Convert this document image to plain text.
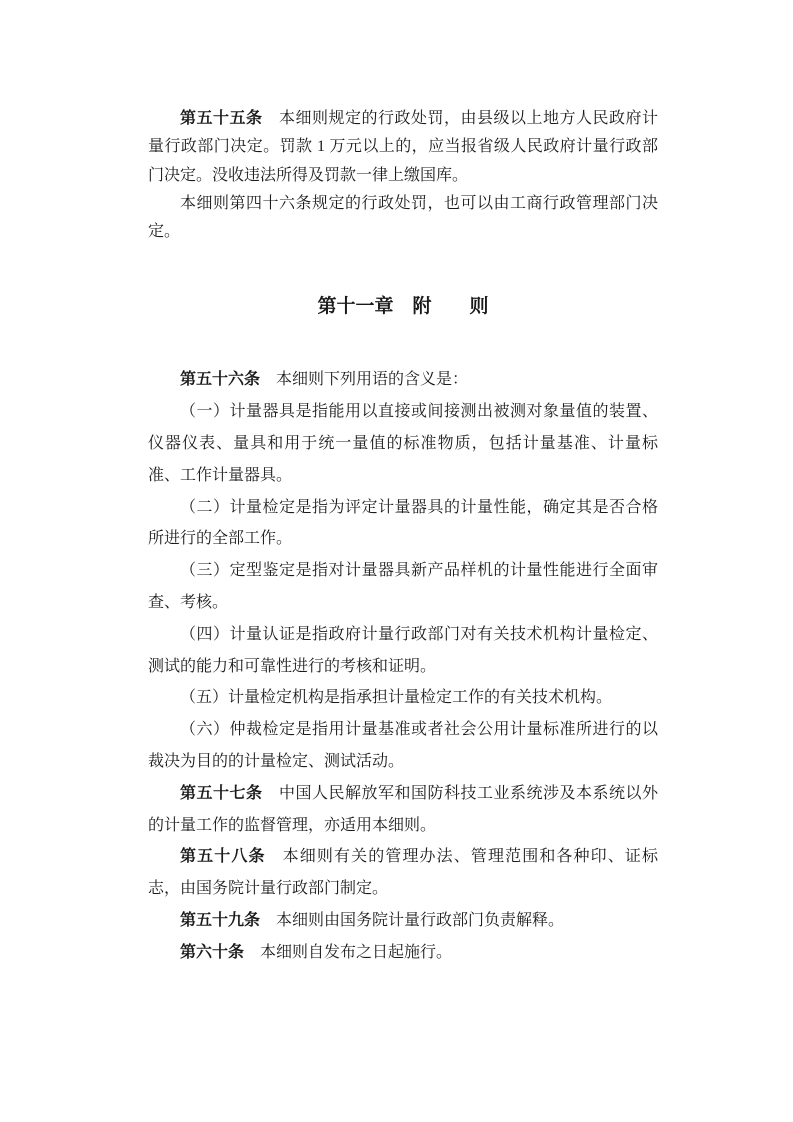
第五十五条　本细则规定的行政处罚，由县级以上地方人民政府计量行政部门决定。罚款 1 万元以上的，应当报省级人民政府计量行政部门决定。没收违法所得及罚款一律上缴国库。

本细则第四十六条规定的行政处罚，也可以由工商行政管理部门决定。

第十一章　附　　则

第五十六条　本细则下列用语的含义是：

（一）计量器具是指能用以直接或间接测出被测对象量值的装置、仪器仪表、量具和用于统一量值的标准物质，包括计量基准、计量标准、工作计量器具。

（二）计量检定是指为评定计量器具的计量性能，确定其是否合格所进行的全部工作。

（三）定型鉴定是指对计量器具新产品样机的计量性能进行全面审查、考核。

（四）计量认证是指政府计量行政部门对有关技术机构计量检定、测试的能力和可靠性进行的考核和证明。

（五）计量检定机构是指承担计量检定工作的有关技术机构。

（六）仲裁检定是指用计量基准或者社会公用计量标准所进行的以裁决为目的的计量检定、测试活动。

第五十七条　中国人民解放军和国防科技工业系统涉及本系统以外的计量工作的监督管理，亦适用本细则。

第五十八条　本细则有关的管理办法、管理范围和各种印、证标志，由国务院计量行政部门制定。

第五十九条　本细则由国务院计量行政部门负责解释。

第六十条　本细则自发布之日起施行。
